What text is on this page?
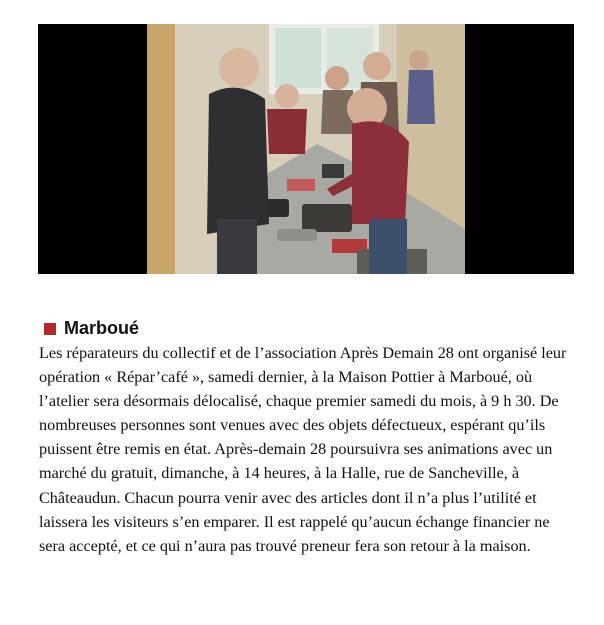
Marboué

Les réparateurs du collectif et de l’association Après Demain 28 ont organisé leur opération « Répar’café », samedi dernier, à la Maison Pottier à Marboué, où l’atelier sera désormais délocalisé, chaque premier samedi du mois, à 9 h 30. De nombreuses personnes sont venues avec des objets défectueux, espérant qu’ils puissent être remis en état. Après-demain 28 poursuivra ses animations avec un marché du gratuit, dimanche, à 14 heures, à la Halle, rue de Sancheville, à Châteaudun. Chacun pourra venir avec des articles dont il n’a plus l’utilité et laissera les visiteurs s’en emparer. Il est rappelé qu’aucun échange financier ne sera accepté, et ce qui n’aura pas trouvé preneur fera son retour à la maison.
